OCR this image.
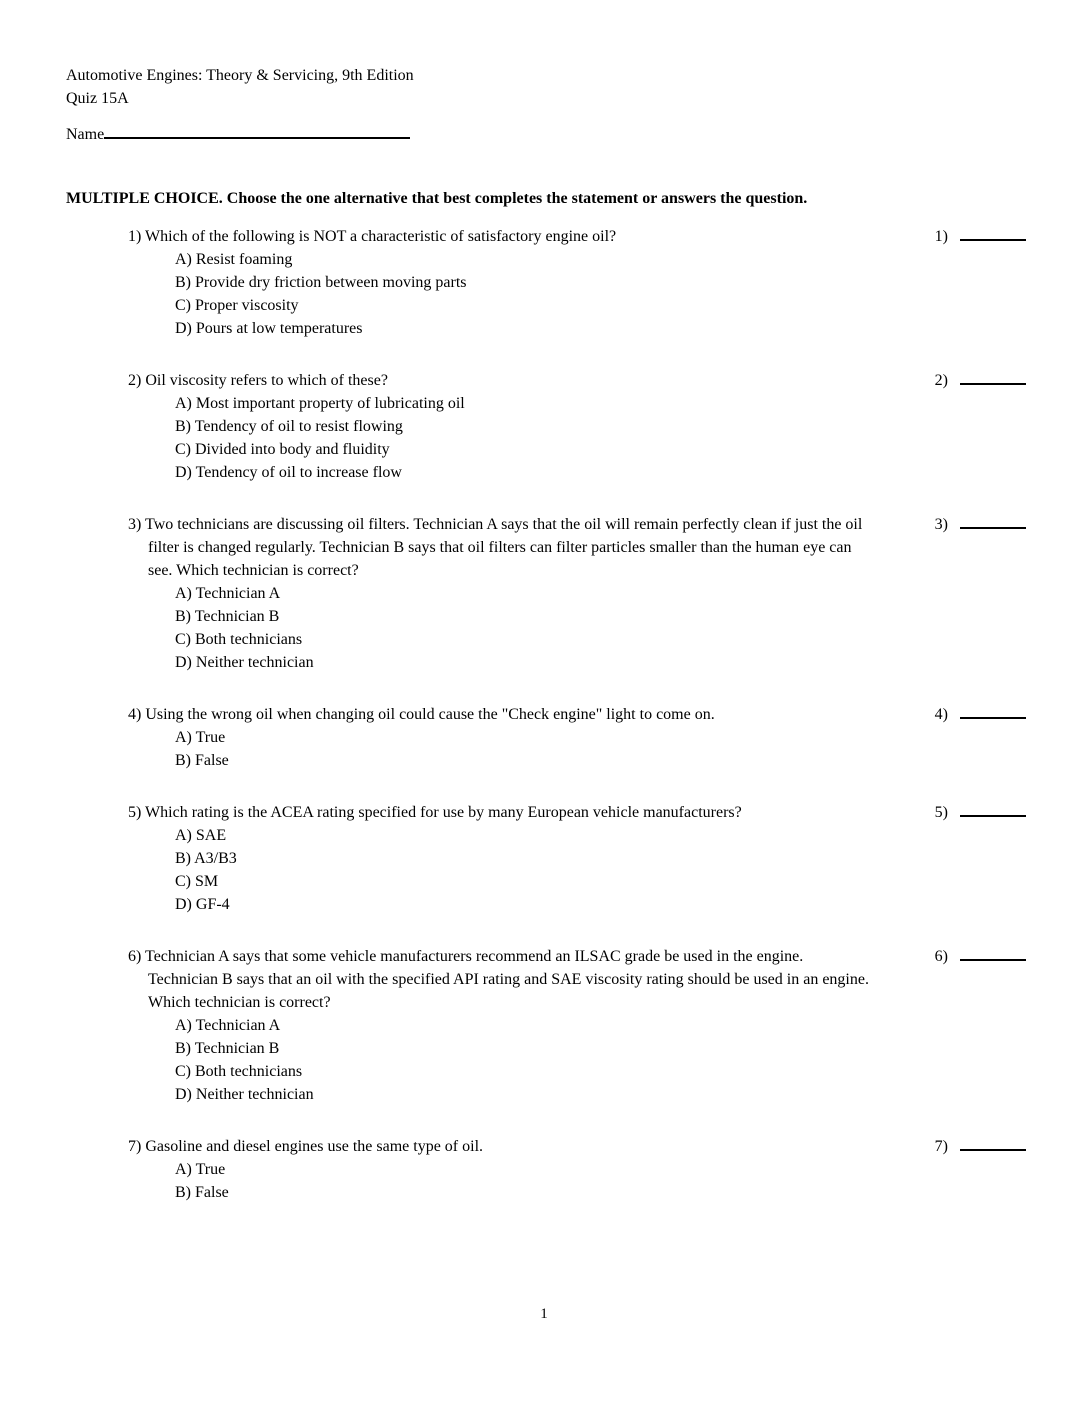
Automotive Engines: Theory & Servicing, 9th Edition
Quiz 15A
Name
MULTIPLE CHOICE. Choose the one alternative that best completes the statement or answers the question.
1) Which of the following is NOT a characteristic of satisfactory engine oil?
A) Resist foaming
B) Provide dry friction between moving parts
C) Proper viscosity
D) Pours at low temperatures
1)
2) Oil viscosity refers to which of these?
A) Most important property of lubricating oil
B) Tendency of oil to resist flowing
C) Divided into body and fluidity
D) Tendency of oil to increase flow
2)
3) Two technicians are discussing oil filters. Technician A says that the oil will remain perfectly clean if just the oil filter is changed regularly. Technician B says that oil filters can filter particles smaller than the human eye can see. Which technician is correct?
A) Technician A
B) Technician B
C) Both technicians
D) Neither technician
3)
4) Using the wrong oil when changing oil could cause the "Check engine" light to come on.
A) True
B) False
4)
5) Which rating is the ACEA rating specified for use by many European vehicle manufacturers?
A) SAE
B) A3/B3
C) SM
D) GF-4
5)
6) Technician A says that some vehicle manufacturers recommend an ILSAC grade be used in the engine. Technician B says that an oil with the specified API rating and SAE viscosity rating should be used in an engine. Which technician is correct?
A) Technician A
B) Technician B
C) Both technicians
D) Neither technician
6)
7) Gasoline and diesel engines use the same type of oil.
A) True
B) False
7)
1
